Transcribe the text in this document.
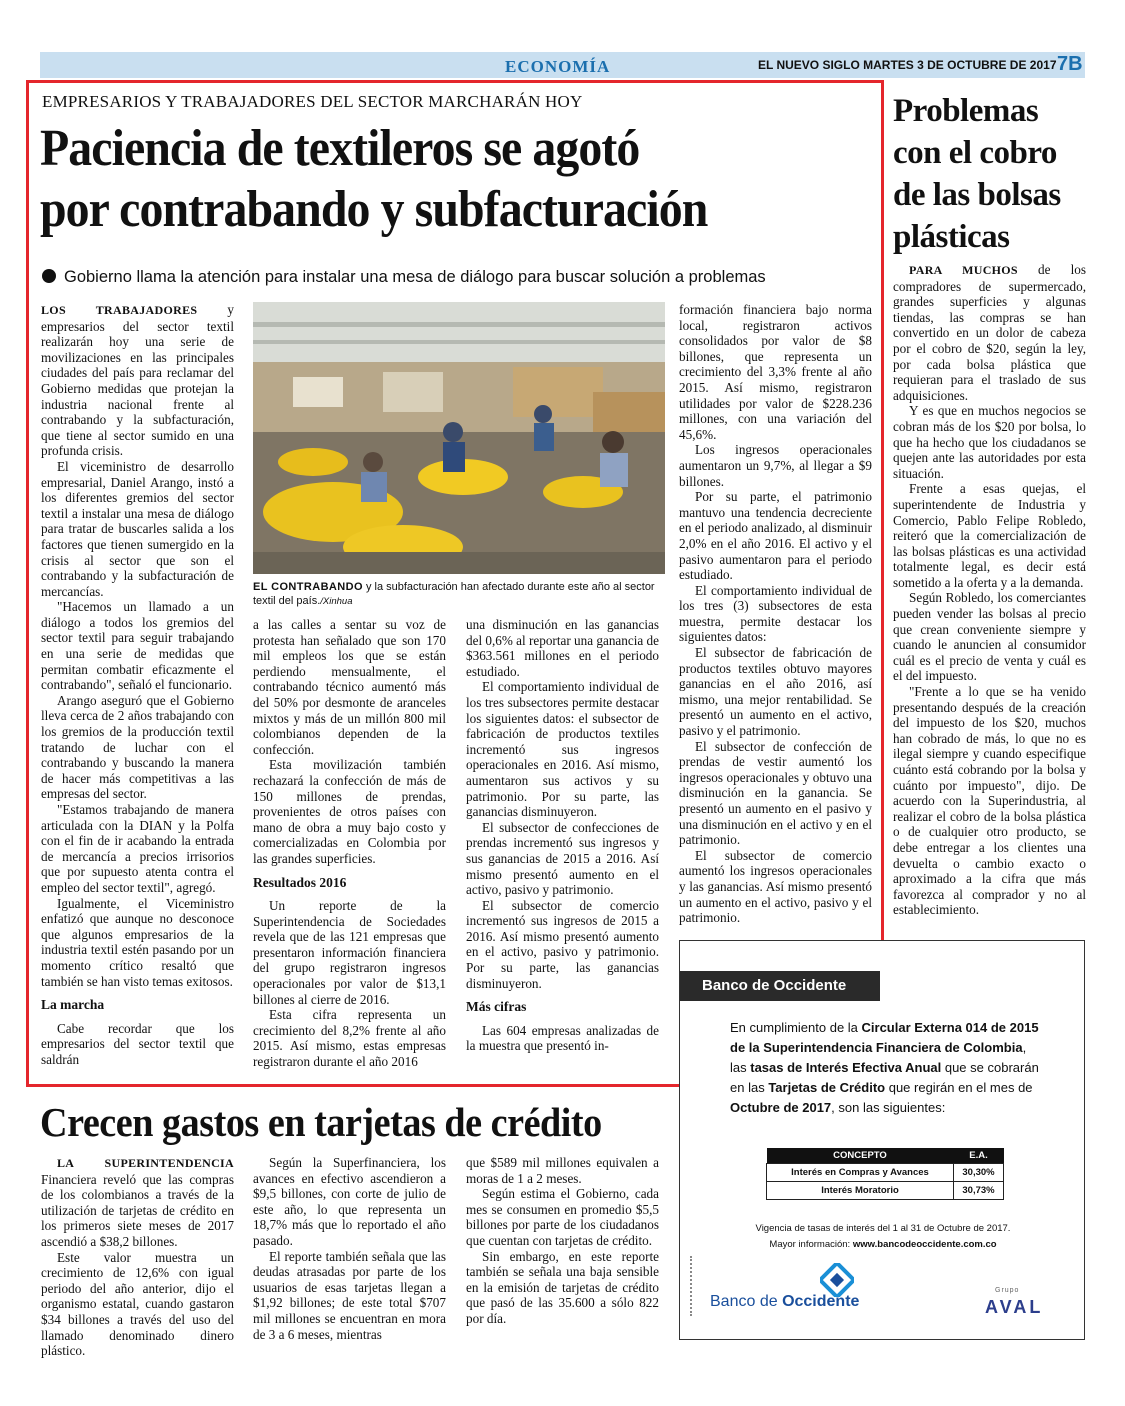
ECONOMÍA	EL NUEVO SIGLO MARTES 3 DE OCTUBRE DE 2017 7B
EMPRESARIOS Y TRABAJADORES DEL SECTOR MARCHARÁN HOY
Paciencia de textileros se agotó
por contrabando y subfacturación
Gobierno llama la atención para instalar una mesa de diálogo para buscar solución a problemas

LOS TRABAJADORES y empresarios del sector textil realizarán hoy una serie de movilizaciones en las principales ciudades del país para reclamar del Gobierno medidas que protejan la industria nacional frente al contrabando y la subfacturación, que tiene al sector sumido en una profunda crisis.

El viceministro de desarrollo empresarial, Daniel Arango, instó a los diferentes gremios del sector textil a instalar una mesa de diálogo para tratar de buscarles salida a los factores que tienen sumergido en la crisis al sector que son el contrabando y la subfacturación de mercancías.

"Hacemos un llamado a un diálogo a todos los gremios del sector textil para seguir trabajando en una serie de medidas que permitan combatir eficazmente el contrabando", señaló el funcionario.

Arango aseguró que el Gobierno lleva cerca de 2 años trabajando con los gremios de la producción textil tratando de luchar con el contrabando y buscando la manera de hacer más competitivas a las empresas del sector.

"Estamos trabajando de manera articulada con la DIAN y la Polfa con el fin de ir acabando la entrada de mercancía a precios irrisorios que por supuesto atenta contra el empleo del sector textil", agregó.

Igualmente, el Viceministro enfatizó que aunque no desconoce que algunos empresarios de la industria textil estén pasando por un momento crítico resaltó que también se han visto temas exitosos.

La marcha

Cabe recordar que los empresarios del sector textil que saldrán

EL CONTRABANDO y la subfacturación han afectado durante este año al sector textil del país./Xinhua

a las calles a sentar su voz de protesta han señalado que son 170 mil empleos los que se están perdiendo mensualmente, el contrabando técnico aumentó más del 50% por desmonte de aranceles mixtos y más de un millón 800 mil colombianos dependen de la confección.

Esta movilización también rechazará la confección de más de 150 millones de prendas, provenientes de otros países con mano de obra a muy bajo costo y comercializadas en Colombia por las grandes superficies.

Resultados 2016

Un reporte de la Superintendencia de Sociedades revela que de las 121 empresas que presentaron información financiera del grupo registraron ingresos operacionales por valor de $13,1 billones al cierre de 2016.

Esta cifra representa un crecimiento del 8,2% frente al año 2015. Así mismo, estas empresas registraron durante el año 2016

una disminución en las ganancias del 0,6% al reportar una ganancia de $363.561 millones en el periodo estudiado.

El comportamiento individual de los tres subsectores permite destacar los siguientes datos: el subsector de fabricación de productos textiles incrementó sus ingresos operacionales en 2016. Así mismo, aumentaron sus activos y su patrimonio. Por su parte, las ganancias disminuyeron.

El subsector de confecciones de prendas incrementó sus ingresos y sus ganancias de 2015 a 2016. Así mismo presentó aumento en el activo, pasivo y patrimonio.

El subsector de comercio incrementó sus ingresos de 2015 a 2016. Así mismo presentó aumento en el activo, pasivo y patrimonio. Por su parte, las ganancias disminuyeron.

Más cifras

Las 604 empresas analizadas de la muestra que presentó in-

formación financiera bajo norma local, registraron activos consolidados por valor de $8 billones, que representa un crecimiento del 3,3% frente al año 2015. Así mismo, registraron utilidades por valor de $228.236 millones, con una variación del 45,6%.

Los ingresos operacionales aumentaron un 9,7%, al llegar a $9 billones.

Por su parte, el patrimonio mantuvo una tendencia decreciente en el periodo analizado, al disminuir 2,0% en el año 2016. El activo y el pasivo aumentaron para el periodo estudiado.

El comportamiento individual de los tres (3) subsectores de esta muestra, permite destacar los siguientes datos:

El subsector de fabricación de productos textiles obtuvo mayores ganancias en el año 2016, así mismo, una mejor rentabilidad. Se presentó un aumento en el activo, pasivo y el patrimonio.

El subsector de confección de prendas de vestir aumentó los ingresos operacionales y obtuvo una disminución en la ganancia. Se presentó un aumento en el pasivo y una disminución en el activo y en el patrimonio.

El subsector de comercio aumentó los ingresos operacionales y las ganancias. Así mismo presentó un aumento en el activo, pasivo y el patrimonio.

Problemas con el cobro de las bolsas plásticas

PARA MUCHOS de los compradores de supermercado, grandes superficies y algunas tiendas, las compras se han convertido en un dolor de cabeza por el cobro de $20, según la ley, por cada bolsa plástica que requieran para el traslado de sus adquisiciones.

Y es que en muchos negocios se cobran más de los $20 por bolsa, lo que ha hecho que los ciudadanos se quejen ante las autoridades por esta situación.

Frente a esas quejas, el superintendente de Industria y Comercio, Pablo Felipe Robledo, reiteró que la comercialización de las bolsas plásticas es una actividad totalmente legal, es decir está sometido a la oferta y a la demanda.

Según Robledo, los comerciantes pueden vender las bolsas al precio que crean conveniente siempre y cuando le anuncien al consumidor cuál es el precio de venta y cuál es el del impuesto.

"Frente a lo que se ha venido presentando después de la creación del impuesto de los $20, muchos han cobrado de más, lo que no es ilegal siempre y cuando especifique cuánto está cobrando por la bolsa y cuánto por impuesto", dijo. De acuerdo con la Superindustria, al realizar el cobro de la bolsa plástica o de cualquier otro producto, se debe entregar a los clientes una devuelta o cambio exacto o aproximado a la cifra que más favorezca al comprador y no al establecimiento.

Crecen gastos en tarjetas de crédito

LA SUPERINTENDENCIA Financiera reveló que las compras de los colombianos a través de la utilización de tarjetas de crédito en los primeros siete meses de 2017 ascendió a $38,2 billones.

Este valor muestra un crecimiento de 12,6% con igual periodo del año anterior, dijo el organismo estatal, cuando gastaron $34 billones a través del uso del llamado denominado dinero plástico.

Según la Superfinanciera, los avances en efectivo ascendieron a $9,5 billones, con corte de julio de este año, lo que representa un 18,7% más que lo reportado el año pasado.

El reporte también señala que las deudas atrasadas por parte de los usuarios de esas tarjetas llegan a $1,92 billones; de este total $707 mil millones se encuentran en mora de 3 a 6 meses, mientras

que $589 mil millones equivalen a moras de 1 a 2 meses.

Según estima el Gobierno, cada mes se consumen en promedio $5,5 billones por parte de los ciudadanos que cuentan con tarjetas de crédito.

Sin embargo, en este reporte también se señala una baja sensible en la emisión de tarjetas de crédito que pasó de las 35.600 a sólo 822 por día.

Banco de Occidente
En cumplimiento de la Circular Externa 014 de 2015 de la Superintendencia Financiera de Colombia, las tasas de Interés Efectiva Anual que se cobrarán en las Tarjetas de Crédito que regirán en el mes de Octubre de 2017, son las siguientes:
CONCEPTO	E.A.
Interés en Compras y Avances	30,30%
Interés Moratorio	30,73%
Vigencia de tasas de interés del 1 al 31 de Octubre de 2017.
Mayor información: www.bancodeoccidente.com.co
Banco de Occidente
Grupo
AVAL
